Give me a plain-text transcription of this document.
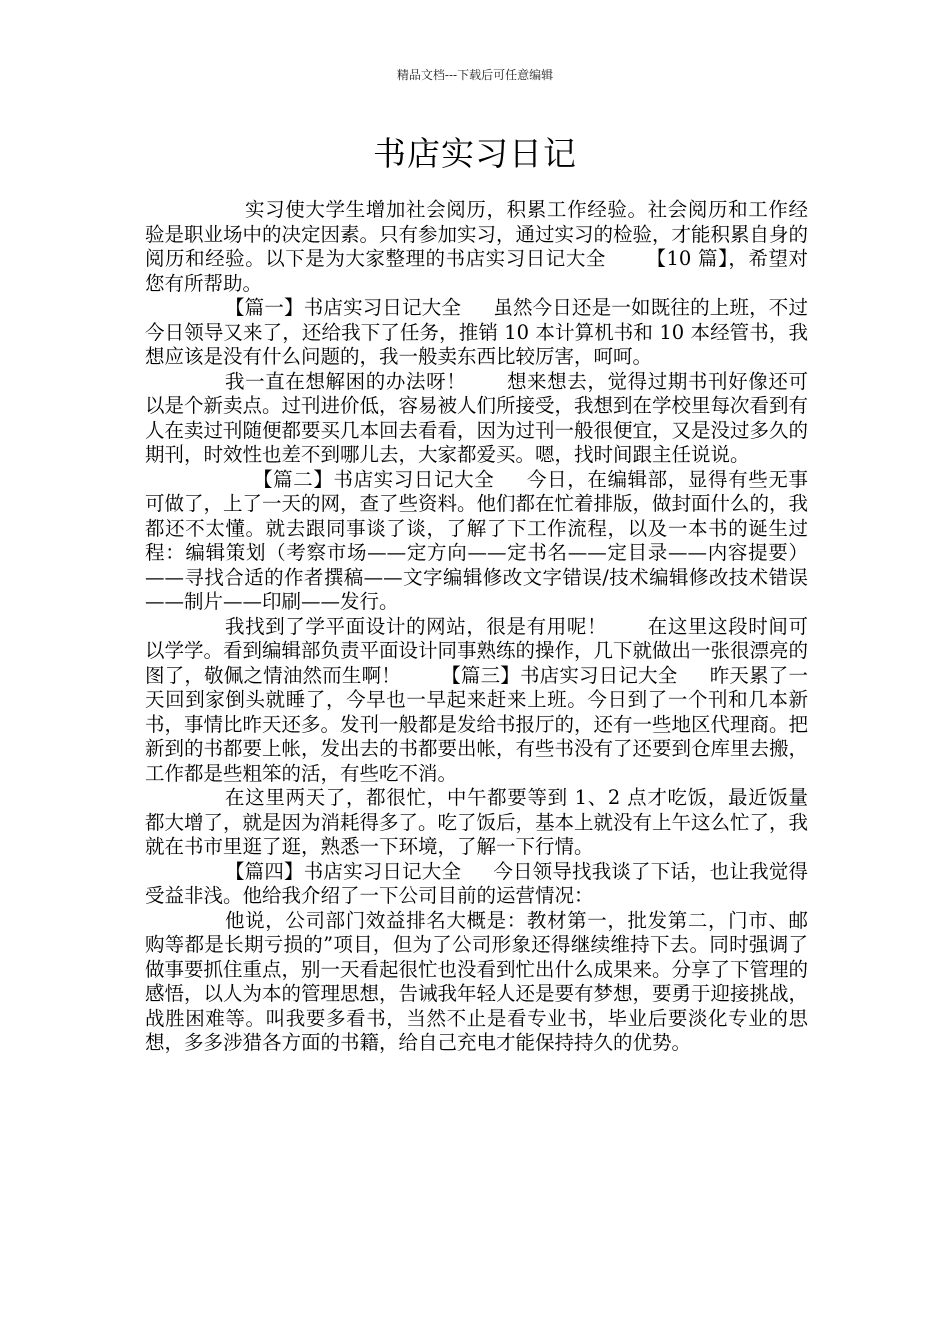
精品文档---下载后可任意编辑
书店实习日记

实习使大学生增加社会阅历，积累工作经验。社会阅历和工作经验是职业场中的决定因素。只有参加实习，通过实习的检验，才能积累自身的阅历和经验。以下是为大家整理的书店实习日记大全 【10 篇】，希望对您有所帮助。

【篇一】书店实习日记大全 虽然今日还是一如既往的上班，不过今日领导又来了，还给我下了任务，推销 10 本计算机书和 10 本经管书，我想应该是没有什么问题的，我一般卖东西比较厉害，呵呵。

我一直在想解困的办法呀！ 想来想去，觉得过期书刊好像还可以是个新卖点。过刊进价低，容易被人们所接受，我想到在学校里每次看到有人在卖过刊随便都要买几本回去看看，因为过刊一般很便宜，又是没过多久的期刊，时效性也差不到哪儿去，大家都爱买。嗯，找时间跟主任说说。

【篇二】书店实习日记大全 今日，在编辑部，显得有些无事可做了，上了一天的网，查了些资料。他们都在忙着排版，做封面什么的，我都还不太懂。就去跟同事谈了谈，了解了下工作流程，以及一本书的诞生过程：编辑策划（考察市场——定方向——定书名——定目录——内容提要）——寻找合适的作者撰稿——文字编辑修改文字错误/技术编辑修改技术错误——制片——印刷——发行。

我找到了学平面设计的网站，很是有用呢！ 在这里这段时间可以学学。看到编辑部负责平面设计同事熟练的操作，几下就做出一张很漂亮的图了，敬佩之情油然而生啊！ 【篇三】书店实习日记大全 昨天累了一天回到家倒头就睡了，今早也一早起来赶来上班。今日到了一个刊和几本新书，事情比昨天还多。发刊一般都是发给书报厅的，还有一些地区代理商。把新到的书都要上帐，发出去的书都要出帐，有些书没有了还要到仓库里去搬，工作都是些粗笨的活，有些吃不消。

在这里两天了，都很忙，中午都要等到 1、2 点才吃饭，最近饭量都大增了，就是因为消耗得多了。吃了饭后，基本上就没有上午这么忙了，我就在书市里逛了逛，熟悉一下环境，了解一下行情。

【篇四】书店实习日记大全 今日领导找我谈了下话，也让我觉得受益非浅。他给我介绍了一下公司目前的运营情况：

他说，公司部门效益排名大概是：教材第一，批发第二，门市、邮购等都是长期亏损的”项目，但为了公司形象还得继续维持下去。同时强调了做事要抓住重点，别一天看起很忙也没看到忙出什么成果来。分享了下管理的感悟，以人为本的管理思想，告诫我年轻人还是要有梦想，要勇于迎接挑战，战胜困难等。叫我要多看书，当然不止是看专业书，毕业后要淡化专业的思想，多多涉猎各方面的书籍，给自己充电才能保持持久的优势。
